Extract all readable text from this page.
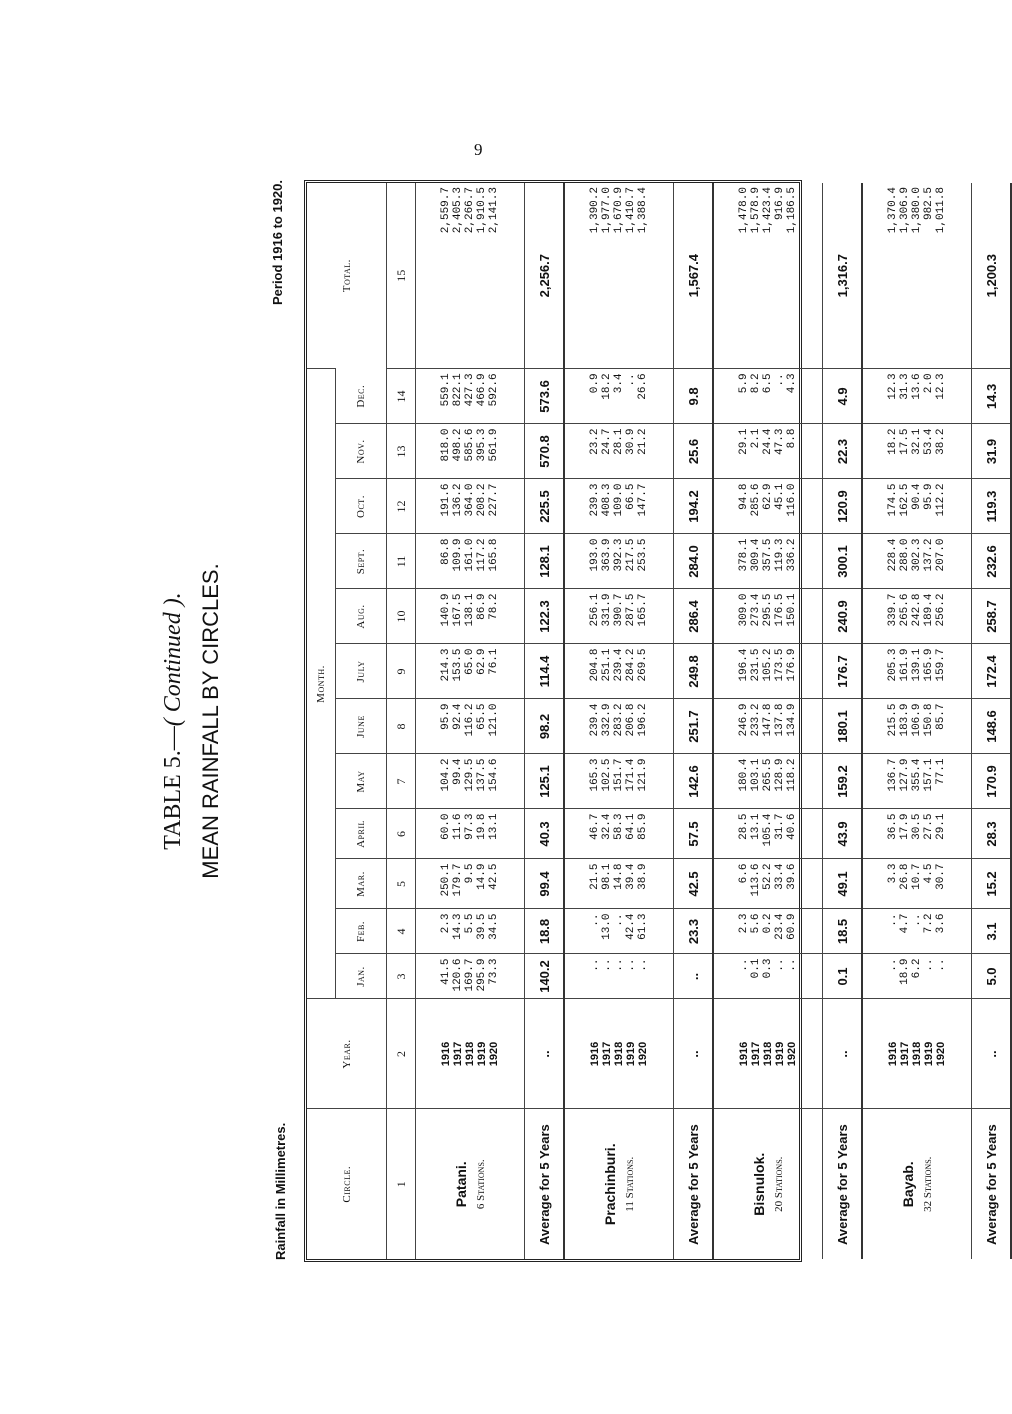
9
TABLE 5.—( Continued ). MEAN RAINFALL BY CIRCLES.
Rainfall in Millimetres.
Period 1916 to 1920.
Circle.	Year.	Month.												Total.
		Jan.	Feb.	Mar.	April	May	June	July	Aug.	Sept.	Oct.	Nov.	Dec.	
1	2	3	4	5	6	7	8	9	10	11	12	13	14	15

Patani. 6 Stations.	1916 1917 1918 1919 1920	41.5 120.6 169.7 295.9 73.3	2.3 14.3 5.5 39.5 34.5	250.1 179.7 9.5 14.9 42.5	60.0 11.6 97.3 19.8 13.1	104.2 99.4 129.5 137.5 154.6	95.9 92.4 116.2 65.5 121.0	214.3 153.5 65.0 62.9 76.1	140.9 167.5 138.1 86.9 78.2	86.8 109.9 161.0 117.2 165.8	191.6 136.2 364.0 208.2 227.7	818.0 498.2 585.6 395.3 561.9	559.1 822.1 427.3 466.9 592.6	2,559.7 2,405.3 2,266.7 1,910.5 2,141.3

Average for 5 Years	..	140.2	18.8	99.4	40.3	125.1	98.2	114.4	122.3	128.1	225.5	570.8	573.6	2,256.7

Prachinburi. 11 Stations.	1916 1917 1918 1919 1920	.. .. .. .. ..	.. 13.0 .. 42.4 61.3	21.5 98.1 14.8 39.4 38.9	46.7 32.4 58.3 64.1 85.9	165.3 102.5 151.7 171.4 121.9	239.4 332.9 283.2 206.8 196.2	204.8 251.1 239.4 284.2 269.5	256.1 331.9 390.7 287.5 165.7	193.0 363.9 392.3 217.5 253.5	239.3 408.3 109.0 66.5 147.7	23.2 24.7 28.1 30.9 21.2	0.9 18.2 3.4 .. 26.6	1,390.2 1,977.0 1,670.9 1,410.7 1,388.4

Average for 5 Years	..	..	23.3	42.5	57.5	142.6	251.7	249.8	286.4	284.0	194.2	25.6	9.8	1,567.4

Bisnulok. 20 Stations.	1916 1917 1918 1919 1920	.. 0.1 0.3 .. ..	2.3 5.6 0.2 23.4 60.9	6.6 113.6 52.2 33.4 39.6	28.5 13.1 105.4 31.7 40.6	180.4 103.1 265.5 128.9 118.2	246.9 233.2 147.8 137.8 134.9	196.4 231.5 105.2 173.5 176.9	309.0 273.4 295.5 176.5 150.1	378.1 309.4 357.5 119.3 336.2	94.8 285.6 62.9 45.1 116.0	29.1 2.1 24.4 47.3 8.8	5.9 8.2 6.5 .. 4.3	1,478.0 1,578.9 1,423.4 916.9 1,186.5

Average for 5 Years	..	0.1	18.5	49.1	43.9	159.2	180.1	176.7	240.9	300.1	120.9	22.3	4.9	1,316.7

Bayab. 32 Stations.	1916 1917 1918 1919 1920	.. 18.9 6.2 .. ..	.. 4.7 .. 7.2 3.6	3.3 26.8 10.7 4.5 30.7	36.5 17.9 30.5 27.5 29.1	136.7 127.9 355.4 157.1 77.1	215.5 183.9 106.9 150.8 85.7	205.3 161.9 139.1 165.9 159.7	339.7 265.6 242.8 189.4 256.2	228.4 288.0 302.3 137.2 207.0	174.5 162.5 90.4 95.9 112.2	18.2 17.5 32.1 53.4 38.2	12.3 31.3 13.6 2.0 12.3	1,370.4 1,306.9 1,380.0 982.5 1,011.8

Average for 5 Years	..	5.0	3.1	15.2	28.3	170.9	148.6	172.4	258.7	232.6	119.3	31.9	14.3	1,200.3
